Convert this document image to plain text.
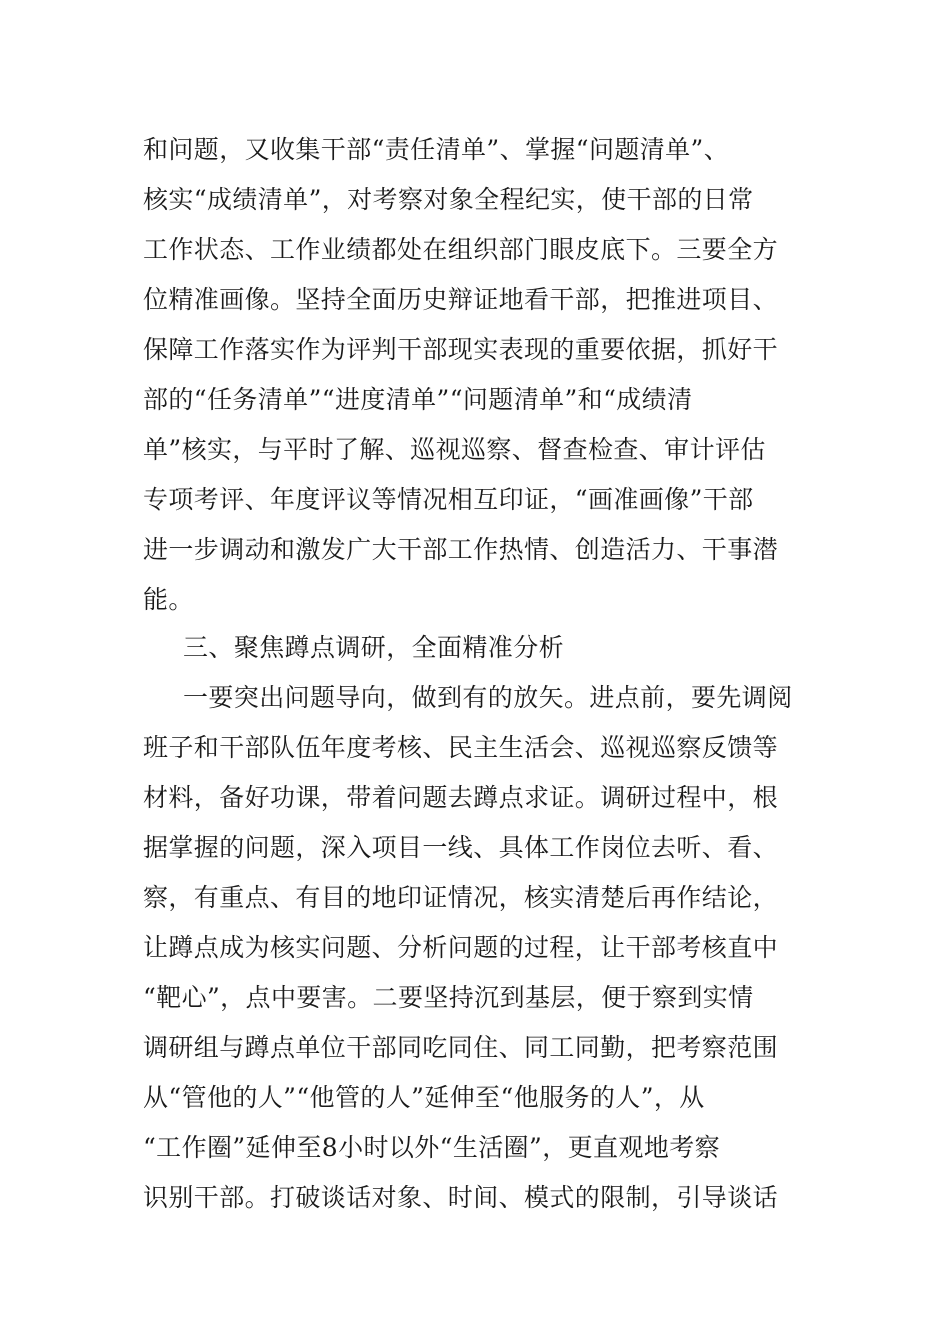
和问题，又收集干部“责任清单”、掌握“问题清单”、
核实“成绩清单”，对考察对象全程纪实，使干部的日常
工作状态、工作业绩都处在组织部门眼皮底下。三要全方
位精准画像。坚持全面历史辩证地看干部，把推进项目、
保障工作落实作为评判干部现实表现的重要依据，抓好干
部的“任务清单”“进度清单”“问题清单”和“成绩清
单”核实，与平时了解、巡视巡察、督查检查、审计评估
专项考评、年度评议等情况相互印证，“画准画像”干部
进一步调动和激发广大干部工作热情、创造活力、干事潜
能。
三、聚焦蹲点调研，全面精准分析
一要突出问题导向，做到有的放矢。进点前，要先调阅
班子和干部队伍年度考核、民主生活会、巡视巡察反馈等
材料，备好功课，带着问题去蹲点求证。调研过程中，根
据掌握的问题，深入项目一线、具体工作岗位去听、看、
察，有重点、有目的地印证情况，核实清楚后再作结论，
让蹲点成为核实问题、分析问题的过程，让干部考核直中
“靶心”，点中要害。二要坚持沉到基层，便于察到实情
调研组与蹲点单位干部同吃同住、同工同勤，把考察范围
从“管他的人”“他管的人”延伸至“他服务的人”，从
“工作圈”延伸至8小时以外“生活圈”，更直观地考察
识别干部。打破谈话对象、时间、模式的限制，引导谈话
